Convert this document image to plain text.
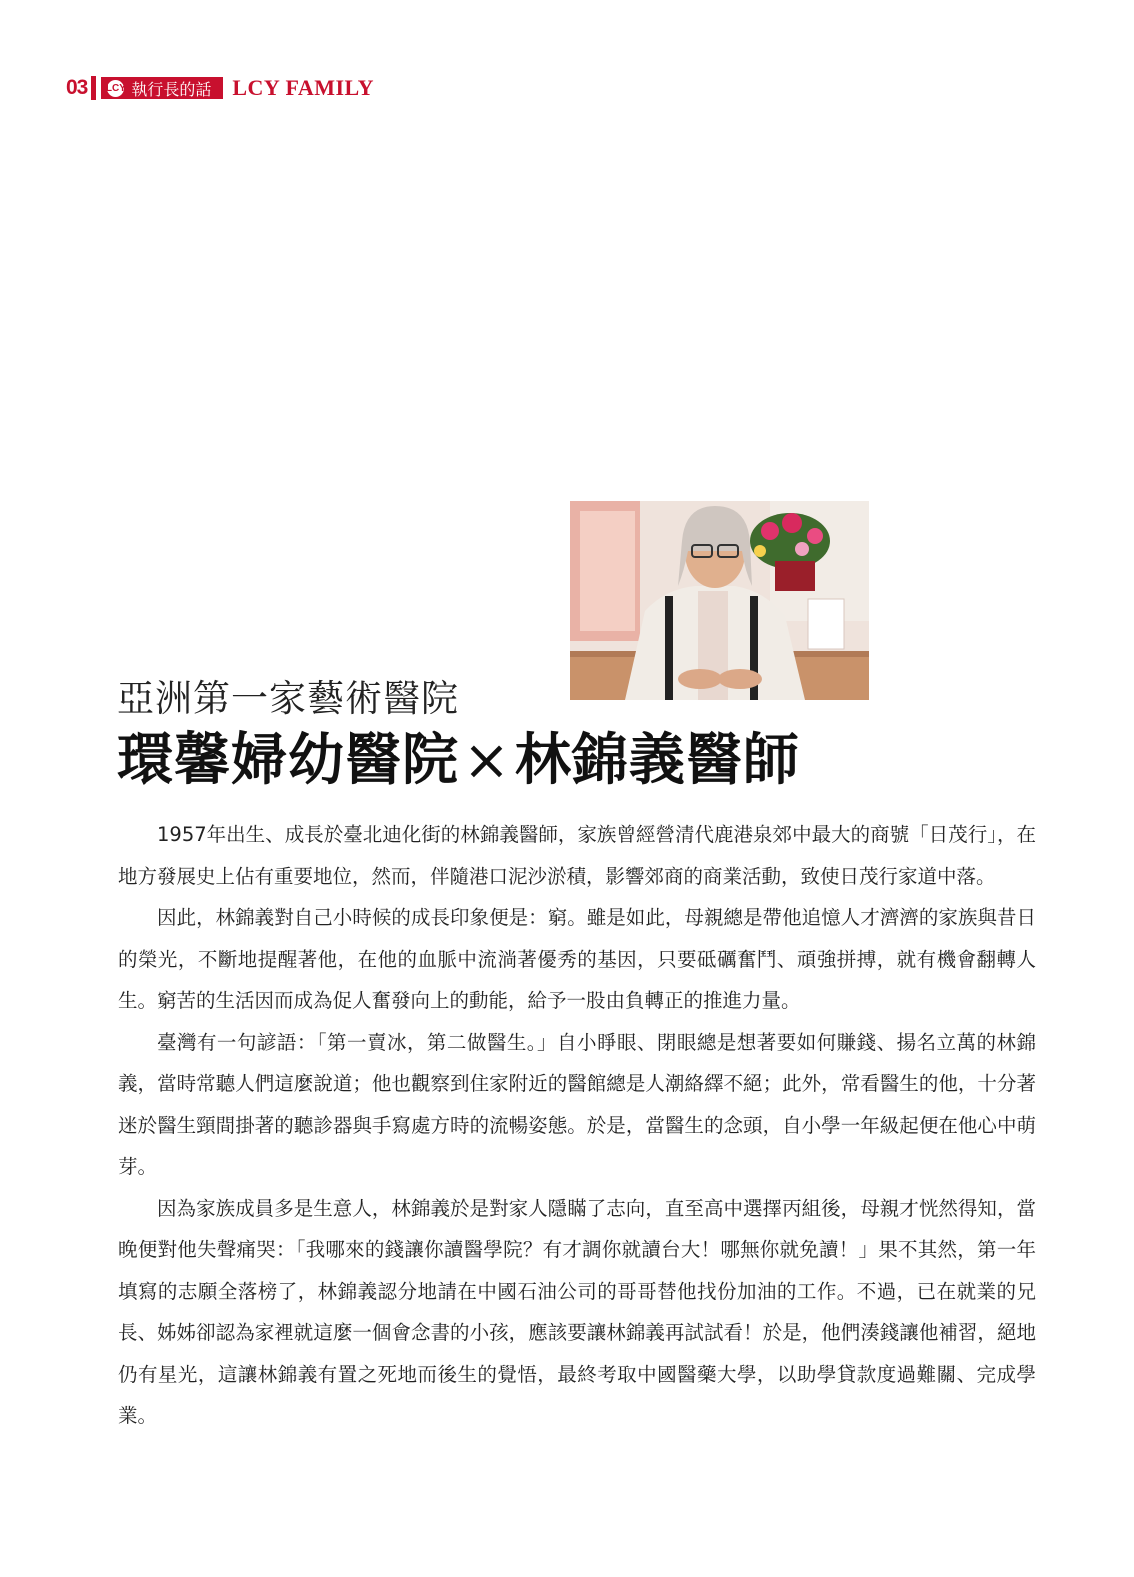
03 LCY 執行長的話 LCY FAMILY
亞洲第一家藝術醫院
環馨婦幼醫院×林錦義醫師

1957年出生、成長於臺北迪化街的林錦義醫師，家族曾經營清代鹿港泉郊中最大的商號「日茂行」，在地方發展史上佔有重要地位，然而，伴隨港口泥沙淤積，影響郊商的商業活動，致使日茂行家道中落。

因此，林錦義對自己小時候的成長印象便是：窮。雖是如此，母親總是帶他追憶人才濟濟的家族與昔日的榮光，不斷地提醒著他，在他的血脈中流淌著優秀的基因，只要砥礪奮鬥、頑強拼搏，就有機會翻轉人生。窮苦的生活因而成為促人奮發向上的動能，給予一股由負轉正的推進力量。

臺灣有一句諺語：「第一賣冰，第二做醫生。」自小睜眼、閉眼總是想著要如何賺錢、揚名立萬的林錦義，當時常聽人們這麼說道；他也觀察到住家附近的醫館總是人潮絡繹不絕；此外，常看醫生的他，十分著迷於醫生頸間掛著的聽診器與手寫處方時的流暢姿態。於是，當醫生的念頭，自小學一年級起便在他心中萌芽。

因為家族成員多是生意人，林錦義於是對家人隱瞞了志向，直至高中選擇丙組後，母親才恍然得知，當晚便對他失聲痛哭：「我哪來的錢讓你讀醫學院？有才調你就讀台大！哪無你就免讀！」果不其然，第一年填寫的志願全落榜了，林錦義認分地請在中國石油公司的哥哥替他找份加油的工作。不過，已在就業的兄長、姊姊卻認為家裡就這麼一個會念書的小孩，應該要讓林錦義再試試看！於是，他們湊錢讓他補習，絕地仍有星光，這讓林錦義有置之死地而後生的覺悟，最終考取中國醫藥大學，以助學貸款度過難關、完成學業。
